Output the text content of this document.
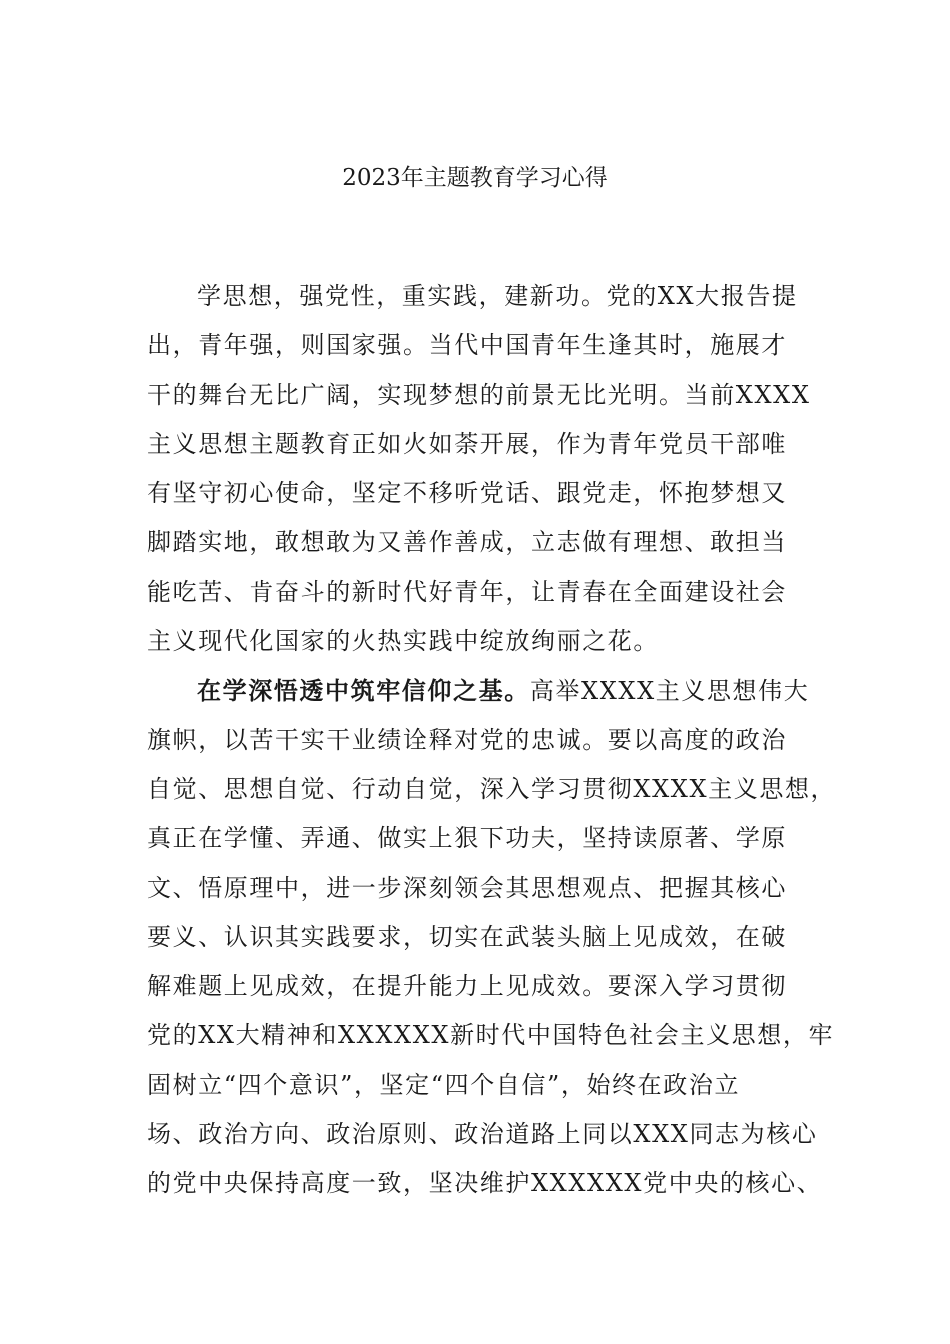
2023年主题教育学习心得
学思想，强党性，重实践，建新功。党的XX大报告提
出，青年强，则国家强。当代中国青年生逢其时，施展才
干的舞台无比广阔，实现梦想的前景无比光明。当前XXXX
主义思想主题教育正如火如荼开展，作为青年党员干部唯
有坚守初心使命，坚定不移听党话、跟党走，怀抱梦想又
脚踏实地，敢想敢为又善作善成，立志做有理想、敢担当
能吃苦、肯奋斗的新时代好青年，让青春在全面建设社会
主义现代化国家的火热实践中绽放绚丽之花。
在学深悟透中筑牢信仰之基。高举XXXX主义思想伟大
旗帜，以苦干实干业绩诠释对党的忠诚。要以高度的政治
自觉、思想自觉、行动自觉，深入学习贯彻XXXX主义思想，
真正在学懂、弄通、做实上狠下功夫，坚持读原著、学原
文、悟原理中，进一步深刻领会其思想观点、把握其核心
要义、认识其实践要求，切实在武装头脑上见成效，在破
解难题上见成效，在提升能力上见成效。要深入学习贯彻
党的XX大精神和XXXXXX新时代中国特色社会主义思想，牢
固树立“四个意识”，坚定“四个自信”，始终在政治立
场、政治方向、政治原则、政治道路上同以XXX同志为核心
的党中央保持高度一致，坚决维护XXXXXX党中央的核心、
